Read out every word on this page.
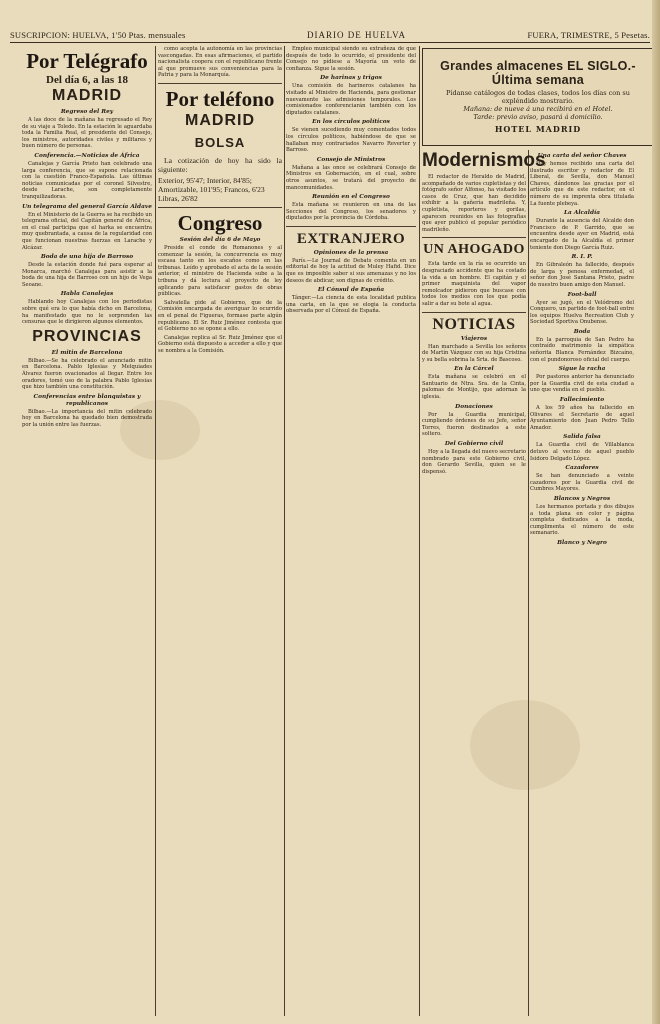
SUSCRIPCION: HUELVA, 1'50 Ptas. mensuales	DIARIO DE HUELVA	FUERA, TRIMESTRE, 5 Pesetas.
Por Telégrafo
Del día 6, a las 18
MADRID
Regreso del Rey

A las doce de la mañana ha regresado el Rey de su viaje a Toledo. En la estación le aguardaba toda la Familia Real, el presidente del Consejo, los ministros, autoridades civiles y militares y buen número de personas.

Conferencia.—Noticias de África

Canalejas y García Prieto han celebrado una larga conferencia, que se supone relacionada con la cuestión Franco-Española. Las últimas noticias comunicadas por el coronel Silvestre, desde Larache, son completamente tranquilizadoras.

Un telegrama del general García Aldave

En el Ministerio de la Guerra se ha recibido un telegrama oficial, del Capitán general de África, en el cual participa que el harka se encuentra muy quebrantada, a causa de la regularidad con que funcionan nuestras fuerzas en Larache y Alcázar.

Boda de una hija de Barroso

Desde la estación donde fué para esperar al Monarca, marchó Canalejas para asistir a la boda de una hija de Barroso con un hijo de Vega Seoane.

Habla Canalejas

Hablando hoy Canalejas con los periodistas sobre qué era lo que había dicho en Barcelona, ha manifestado que no le sorprenden las censuras que le dirigieron algunos elementos.

PROVINCIAS
El mitin de Barcelona

Bilbao.—Se ha celebrado el anunciado mitin en Barcelona. Pablo Iglesias y Melquiades Álvarez fueron ovacionados al llegar. Entre los oradores, tomó uso de la palabra Pablo Iglesias que hizo también una constitución.

Conferencias entre blanquistas y republicanos

Bilbao.—La importancia del mitin celebrado hoy en Barcelona ha quedado bien demostrada por la unión entre las fuerzas.

como acepta la autonomía en las provincias vascongadas. En esas afirmaciones, el partido nacionalista coopera con el republicano frente al que promueve sus conveniencias para la Patria y para la Monarquía.

Por teléfono
MADRID
BOLSA

La cotización de hoy ha sido la siguiente:

Exterior, 95'47; Interior, 84'85;
Amortizable, 101'95; Francos, 6'23
Libras, 26'82
Congreso
Sesión del día 6 de Mayo

Preside el conde de Romanones y al comenzar la sesión, la concurrencia es muy escasa tanto en los escaños como en las tribunas. Leído y aprobado el acta de la sesión anterior, el ministro de Hacienda sube a la tribuna y dá lectura al proyecto de ley aplicando para satisfacer gastos de obras públicas.

Salvatella pide al Gobierno, que de la Comisión encargada de averiguar lo ocurrido en el penal de Figueras, formase parte algún republicano. El Sr. Ruiz Jiménez contesta que el Gobierno no se opone a ello.

Canalejas replica al Sr. Ruiz Jiménez que el Gobierno está dispuesto a acceder a ello y que se nombra a la Comisión.

Empleo municipal siendo su extrañeza de que después de todo lo ocurrido, el presidente del Consejo no pídiese a Mayoría un voto de confianza. Sigue la sesión.

De harinas y trigos

Una comisión de harineros catalanes ha visitado al Ministro de Hacienda, para gestionar nuevamente las admisiones temporales. Los comisionados conferenciarán también con los diputados catalanes.

En los círculos políticos

Se vienen sucediendo muy comentados todos los círculos políticos, habiéndose de que se hallaban muy contrariados Navarro Reverter y Barroso.

Consejo de Ministros

Mañana a las once se celebrará Consejo de Ministros en Gobernación, en el cual, sobre otros asuntos, se tratará del proyecto de mancomunidades.

Reunión en el Congreso

Esta mañana se reunieron en una de las Secciones del Congreso, los senadores y diputados por la provincia de Córdoba.

EXTRANJERO
Opiniones de la prensa

París.—Le Journal de Debats comenta en un editorial de hoy la actitud de Muley Hafid. Dice que es imposible saber si sus amenazas y no los deseos de abdicar, son dignas de crédito.

El Cónsul de España

Tánger.—La ciencia de esta localidad publica una carta, en la que se elogia la conducta observada por el Cónsul de España.

Grandes almacenes EL SIGLO.- Última semana
Pídanse catálogos de todas clases, todos los días con su expléndido mostrario.
Mañana: de nueve á una recibirá en el Hotel.
Tarde: previo aviso, pasará á domicilio.
HOTEL MADRID
Modernismos

El redactor de Heraldo de Madrid, acompañado de varios cupletistas y del fotógrafo señor Alfonso, ha visitado los casos de Cruz, que han decidido exhibir a la gañería madrileña. Y, cupletista, reporteros y gorilas, aparecen reunidos en las fotografías que ayer publicó el popular periódico madrileño.

UN AHOGADO

Esta tarde en la ría se ocurrido un desgraciado accidente que ha costado la vida a un hombre. El capitán y el primer maquinista del vapor remolcador pidieron que buscase con todos los medios con los que podía salir a dar su bote al agua.

NOTICIAS
Viajeros

Han marchado a Sevilla los señores de Martín Vázquez con su hija Cristina y su bella sobrina la Srta. de Bascoso.

En la Cárcel

Esta mañana se celebró en el Santuario de Ntra. Sra. de la Cinta, palomas de Montijo, que adornan la iglesia.

Donaciones

Por la Guardia municipal, cumpliendo órdenes de su Jefe, señor Torres, fueron destinados a este soltero.

Del Gobierno civil

Hoy a la llegada del nuevo secretario nombrado para este Gobierno civil, don Gerardo Sevilla, quien se le dispensó.

Una carta del señor Chaves

Hoy hemos recibido una carta del ilustrado escritor y redactor de El Liberal, de Sevilla, don Manuel Chaves, dándonos las gracias por el artículo que de este redactor, en el número de su imprenta obra titulada La fuente plebeya.

La Alcaldía

Durante la ausencia del Alcalde don Francisco de P. Garrido, que se encuentra desde ayer en Madrid, está encargado de la Alcaldía el primer teniente don Diego García Ruiz.

R. I. P.

En Gibraleón ha fallecido, después de larga y penosa enfermedad, el señor don José Santana Prieto, padre de nuestro buen amigo don Manuel.

Foot-ball

Ayer se jugó, en el Velódromo del Conquero, un partido de foot-ball entre los equipos Huelva Recreation Club y Sociedad Sportiva Onubense.

Boda

En la parroquia de San Pedro ha contraído matrimonio la simpática señorita Blanca Fernández Bizcaíno, con el pundonoroso oficial del cuerpo.

Sigue la racha

Por pastores anterior ha denunciado por la Guardia civil de esta ciudad a uno que vendía en el pueblo.

Fallecimiento

A los 59 años ha fallecido en Olivares el Secretario de aquel Ayuntamiento don Juan Pedro Tello Amador.

Salida falsa

La Guardia civil de Villablanca detuvo al vecino de aquel pueblo Isidoro Delgado López.

Cazadores

Se han denunciado a veinte cazadores por la Guardia civil de Cumbres Mayores.

Blancos y Negros

Los hermanos portada y dos dibujos a toda plana en color y página completa dedicados a la moda, cumplimenta el número de este semanario.

Blanco y Negro
